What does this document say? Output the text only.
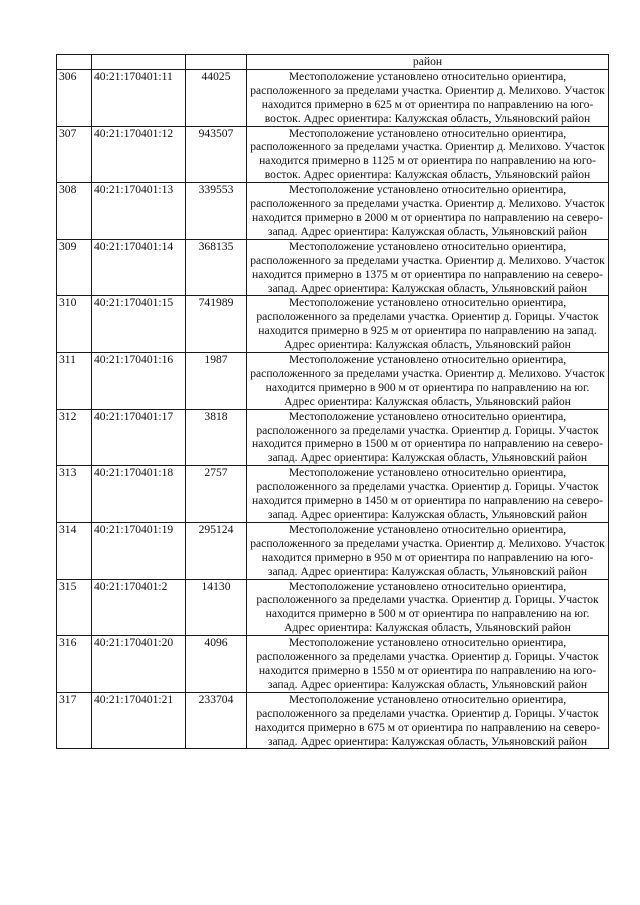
			район
306	40:21:170401:11	44025	Местоположение установлено относительно ориентира, расположенного за пределами участка. Ориентир д. Мелихово. Участок находится примерно в 625 м от ориентира по направлению на юго-восток. Адрес ориентира: Калужская область, Ульяновский район
307	40:21:170401:12	943507	Местоположение установлено относительно ориентира, расположенного за пределами участка. Ориентир д. Мелихово. Участок находится примерно в 1125 м от ориентира по направлению на юго-восток. Адрес ориентира: Калужская область, Ульяновский район
308	40:21:170401:13	339553	Местоположение установлено относительно ориентира, расположенного за пределами участка. Ориентир д. Мелихово. Участок находится примерно в 2000 м от ориентира по направлению на северо-запад. Адрес ориентира: Калужская область, Ульяновский район
309	40:21:170401:14	368135	Местоположение установлено относительно ориентира, расположенного за пределами участка. Ориентир д. Мелихово. Участок находится примерно в 1375 м от ориентира по направлению на северо-запад. Адрес ориентира: Калужская область, Ульяновский район
310	40:21:170401:15	741989	Местоположение установлено относительно ориентира, расположенного за пределами участка. Ориентир д. Горицы. Участок находится примерно в 925 м от ориентира по направлению на запад. Адрес ориентира: Калужская область, Ульяновский район
311	40:21:170401:16	1987	Местоположение установлено относительно ориентира, расположенного за пределами участка. Ориентир д. Мелихово. Участок находится примерно в 900 м от ориентира по направлению на юг. Адрес ориентира: Калужская область, Ульяновский район
312	40:21:170401:17	3818	Местоположение установлено относительно ориентира, расположенного за пределами участка. Ориентир д. Горицы. Участок находится примерно в 1500 м от ориентира по направлению на северо-запад. Адрес ориентира: Калужская область, Ульяновский район
313	40:21:170401:18	2757	Местоположение установлено относительно ориентира, расположенного за пределами участка. Ориентир д. Горицы. Участок находится примерно в 1450 м от ориентира по направлению на северо-запад. Адрес ориентира: Калужская область, Ульяновский район
314	40:21:170401:19	295124	Местоположение установлено относительно ориентира, расположенного за пределами участка. Ориентир д. Мелихово. Участок находится примерно в 950 м от ориентира по направлению на юго-запад. Адрес ориентира: Калужская область, Ульяновский район
315	40:21:170401:2	14130	Местоположение установлено относительно ориентира, расположенного за пределами участка. Ориентир д. Горицы. Участок находится примерно в 500 м от ориентира по направлению на юг. Адрес ориентира: Калужская область, Ульяновский район
316	40:21:170401:20	4096	Местоположение установлено относительно ориентира, расположенного за пределами участка. Ориентир д. Горицы. Участок находится примерно в 1550 м от ориентира по направлению на юго-запад. Адрес ориентира: Калужская область, Ульяновский район
317	40:21:170401:21	233704	Местоположение установлено относительно ориентира, расположенного за пределами участка. Ориентир д. Горицы. Участок находится примерно в 675 м от ориентира по направлению на северо-запад. Адрес ориентира: Калужская область, Ульяновский район
